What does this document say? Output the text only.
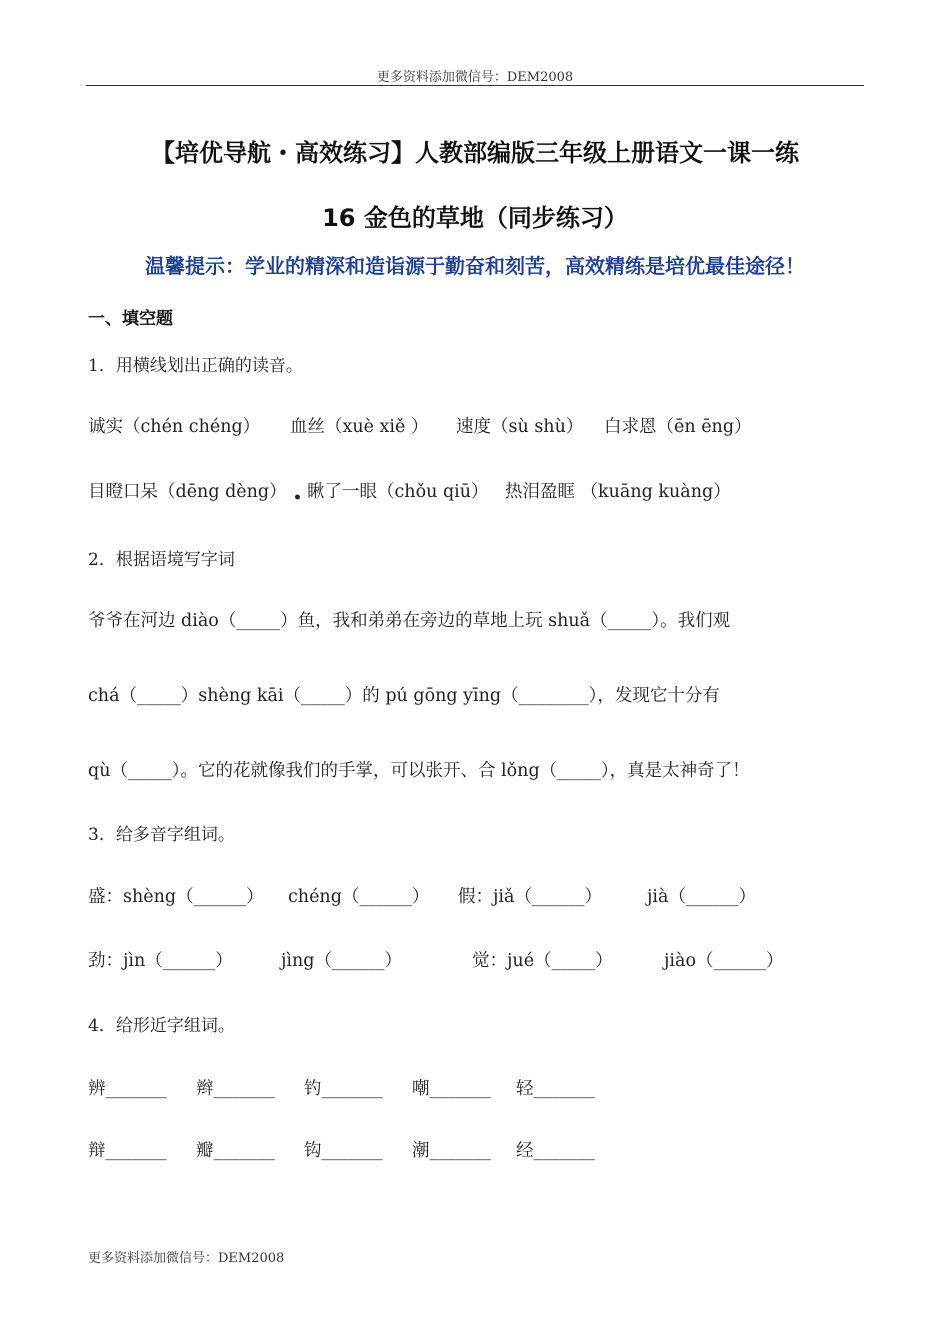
更多资料添加微信号：DEM2008
【培优导航・高效练习】人教部编版三年级上册语文一课一练
16 金色的草地（同步练习）
温馨提示：学业的精深和造诣源于勤奋和刻苦，高效精练是培优最佳途径！
一、填空题
1．用横线划出正确的读音。
诚实（chén chéng） 血丝（xuè xiě ） 速度（sù shù） 白求恩（ēn ēng）
目瞪口呆（dēng dèng） • 瞅了一眼（chǒu qiū） 热泪盈眶 （kuāng kuàng）
2．根据语境写字词
爷爷在河边 diào（_____）鱼，我和弟弟在旁边的草地上玩 shuǎ（_____）。我们观
chá（_____）shèng kāi（_____）的 pú gōng yīng（________），发现它十分有
qù（_____）。它的花就像我们的手掌，可以张开、合 lǒng（_____），真是太神奇了！
3．给多音字组词。
盛：shèng（______） chéng（______） 假：jiǎ（______）	jià（______）
劲：jìn（______）	jìng（______）	觉：jué（_____）	jiào（______）
4．给形近字组词。
辨_______ 辫_______ 钓_______ 嘲_______ 轻_______
辩_______ 瓣_______ 钩_______ 潮_______ 经_______
更多资料添加微信号：DEM2008
